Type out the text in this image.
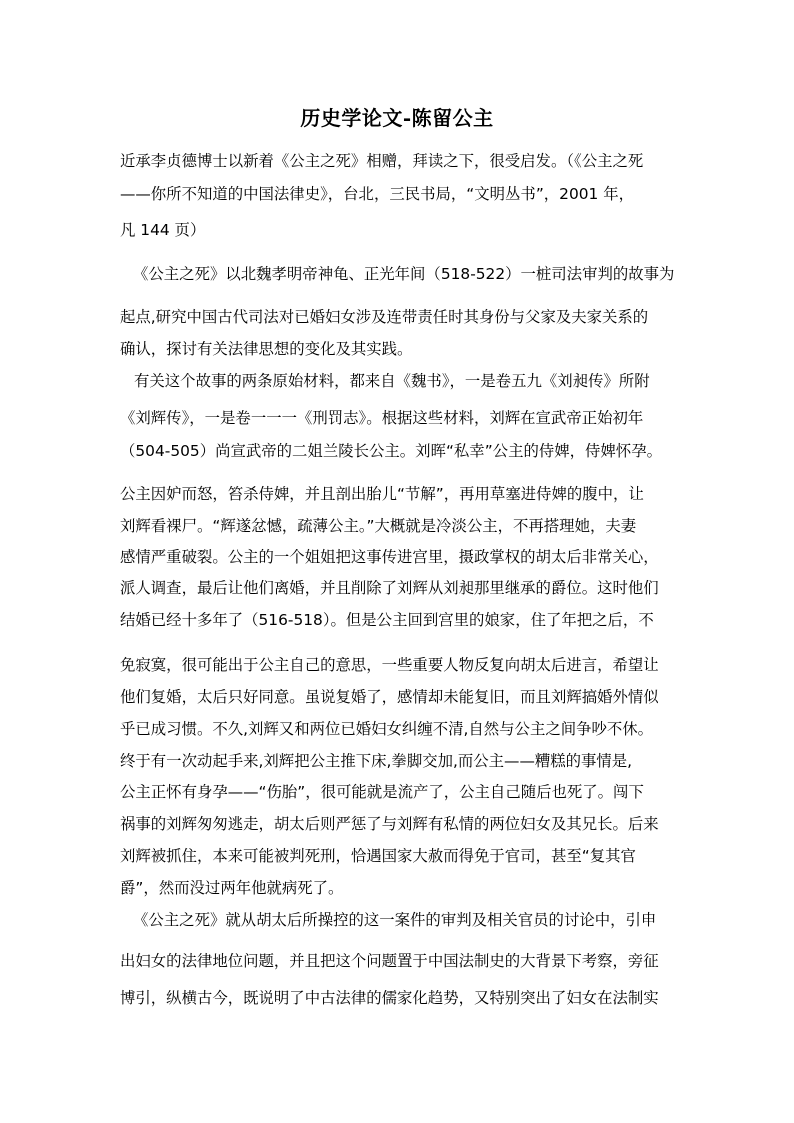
历史学论文-陈留公主
近承李贞德博士以新着《公主之死》相赠，拜读之下，很受启发。（《公主之死
——你所不知道的中国法律史》，台北，三民书局，“文明丛书”，2001 年，
凡 144 页）
《公主之死》以北魏孝明帝神龟、正光年间（518-522）一桩司法审判的故事为
起点,研究中国古代司法对已婚妇女涉及连带责任时其身份与父家及夫家关系的
确认，探讨有关法律思想的变化及其实践。
有关这个故事的两条原始材料，都来自《魏书》，一是卷五九《刘昶传》所附
《刘辉传》，一是卷一一一《刑罚志》。根据这些材料，刘辉在宣武帝正始初年
（504-505）尚宣武帝的二姐兰陵长公主。刘晖“私幸”公主的侍婢，侍婢怀孕。
公主因妒而怒，笞杀侍婢，并且剖出胎儿“节解”，再用草塞进侍婢的腹中，让
刘辉看裸尸。“辉遂忿憾，疏薄公主。”大概就是冷淡公主，不再搭理她，夫妻
感情严重破裂。公主的一个姐姐把这事传进宫里，摄政掌权的胡太后非常关心，
派人调查，最后让他们离婚，并且削除了刘辉从刘昶那里继承的爵位。这时他们
结婚已经十多年了（516-518）。但是公主回到宫里的娘家，住了年把之后，不
免寂寞，很可能出于公主自己的意思，一些重要人物反复向胡太后进言，希望让
他们复婚，太后只好同意。虽说复婚了，感情却未能复旧，而且刘辉搞婚外情似
乎已成习惯。不久,刘辉又和两位已婚妇女纠缠不清,自然与公主之间争吵不休。
终于有一次动起手来,刘辉把公主推下床,拳脚交加,而公主——糟糕的事情是,
公主正怀有身孕——“伤胎”，很可能就是流产了，公主自己随后也死了。闯下
祸事的刘辉匆匆逃走，胡太后则严惩了与刘辉有私情的两位妇女及其兄长。后来
刘辉被抓住，本来可能被判死刑，恰遇国家大赦而得免于官司，甚至“复其官
爵”，然而没过两年他就病死了。
《公主之死》就从胡太后所操控的这一案件的审判及相关官员的讨论中，引申
出妇女的法律地位问题，并且把这个问题置于中国法制史的大背景下考察，旁征
博引，纵横古今，既说明了中古法律的儒家化趋势，又特别突出了妇女在法制实
